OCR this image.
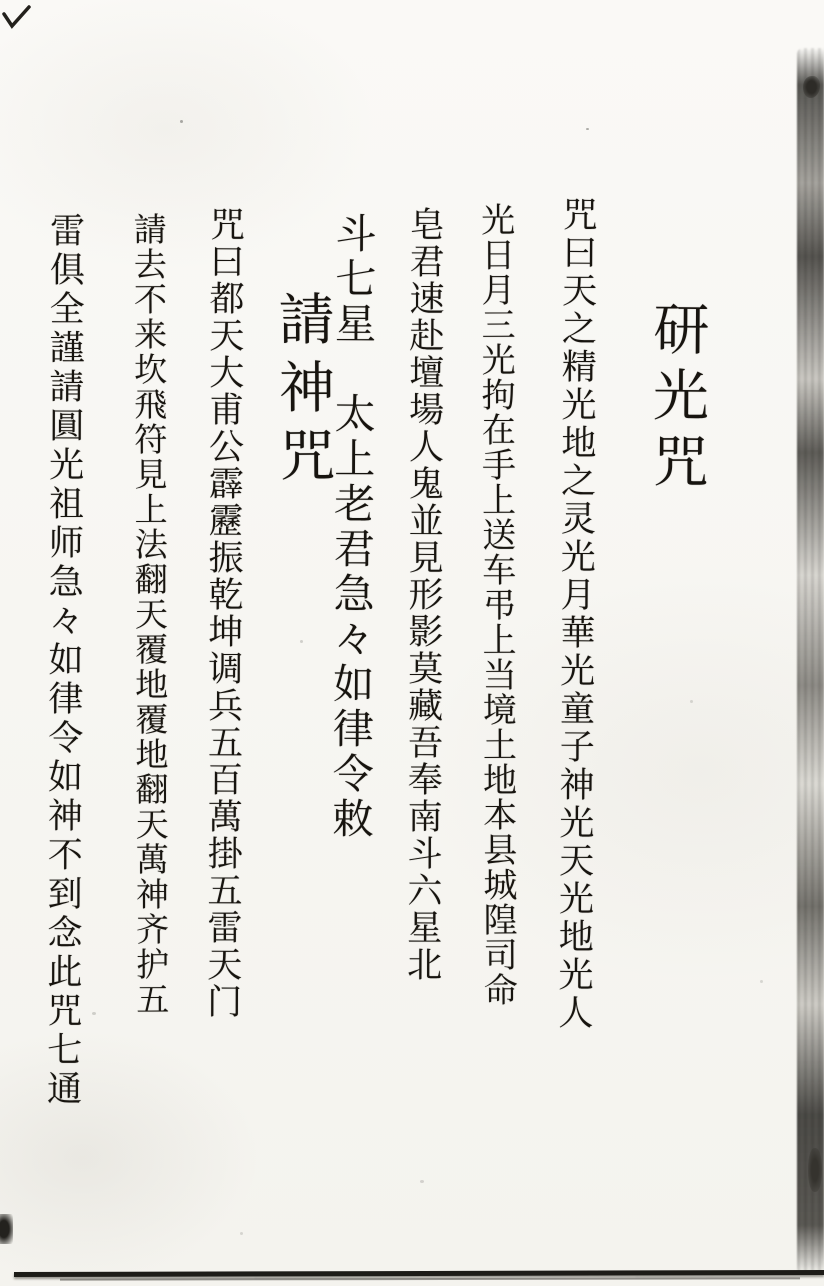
研光咒
咒曰天之精光地之灵光月華光童子神光天光地光人
光日月三光拘在手上送车弔上当境土地本县城隍司命
皂君速赴壇場人鬼並見形影莫藏吾奉南斗六星北
斗七星　太上老君急々如律令敕
請神咒
咒曰都天大甫公霹靂振乾坤调兵五百萬掛五雷天门
請去不来坎飛符見上法翻天覆地覆地翻天萬神齐护五
雷俱全謹請圓光祖师急々如律令如神不到念此咒七通
